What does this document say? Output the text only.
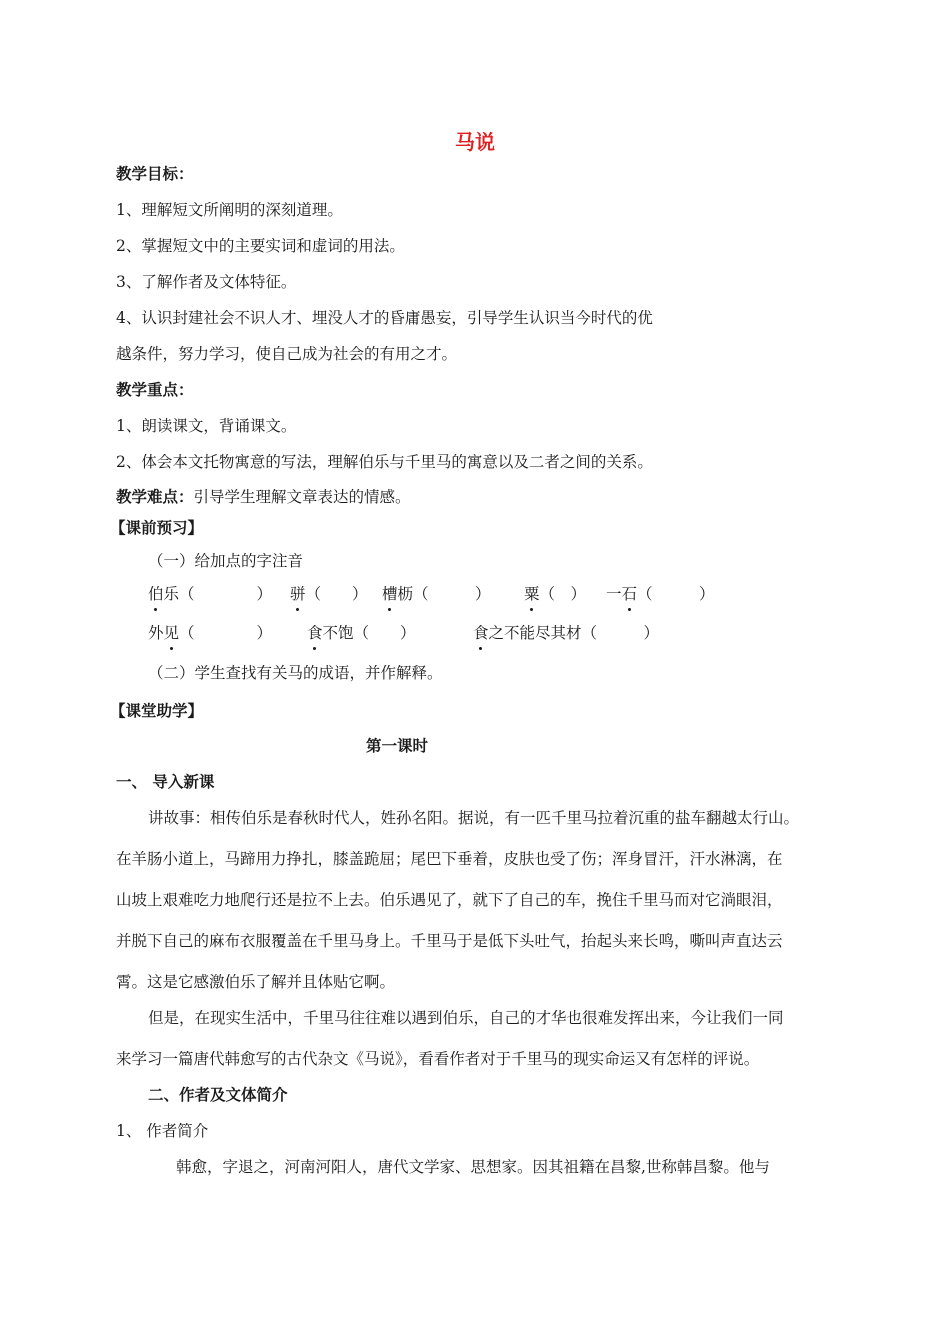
马说
教学目标：
1、理解短文所阐明的深刻道理。
2、掌握短文中的主要实词和虚词的用法。
3、了解作者及文体特征。
4、认识封建社会不识人才、埋没人才的昏庸愚妄，引导学生认识当今时代的优
越条件，努力学习，使自己成为社会的有用之才。
教学重点：
1、朗读课文，背诵课文。
2、体会本文托物寓意的写法，理解伯乐与千里马的寓意以及二者之间的关系。
教学难点：引导学生理解文章表达的情感。
【课前预习】
（一）给加点的字注音
伯乐（　　　　） 骈（　　） 槽枥（　　　） 粟（　） 一石（　　　）
外见（　　　　） 食不饱（　　）	食之不能尽其材（　　　）
（二）学生查找有关马的成语，并作解释。
【课堂助学】
第一课时
一、 导入新课
讲故事：相传伯乐是春秋时代人，姓孙名阳。据说，有一匹千里马拉着沉重的盐车翻越太行山。
在羊肠小道上，马蹄用力挣扎，膝盖跪屈；尾巴下垂着，皮肤也受了伤；浑身冒汗，汗水淋漓，在
山坡上艰难吃力地爬行还是拉不上去。伯乐遇见了，就下了自己的车，挽住千里马而对它淌眼泪，
并脱下自己的麻布衣服覆盖在千里马身上。千里马于是低下头吐气，抬起头来长鸣，嘶叫声直达云
霄。这是它感激伯乐了解并且体贴它啊。
但是，在现实生活中，千里马往往难以遇到伯乐，自己的才华也很难发挥出来，今让我们一同
来学习一篇唐代韩愈写的古代杂文《马说》，看看作者对于千里马的现实命运又有怎样的评说。
二、作者及文体简介
1、 作者简介
韩愈，字退之，河南河阳人，唐代文学家、思想家。因其祖籍在昌黎,世称韩昌黎。他与
